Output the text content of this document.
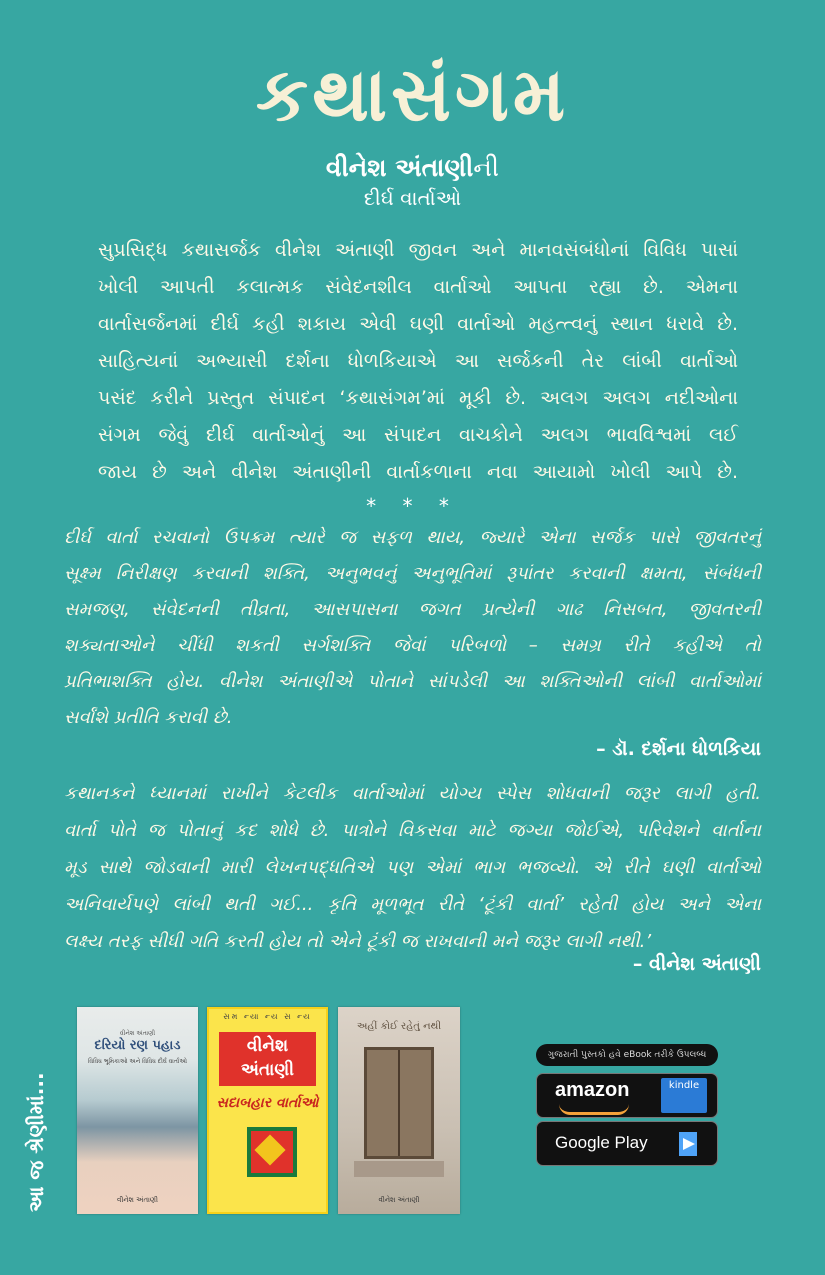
કથાસંગમ
વીનેશ અંતાણીની
દીર્ઘ વાર્તાઓ

સુપ્રસિદ્ધ કથાસર્જક વીનેશ અંતાણી જીવન અને માનવસંબંધોનાં વિવિધ પાસાં

ખોલી આપતી કલાત્મક સંવેદનશીલ વાર્તાઓ આપતા રહ્યા છે. એમના

વાર્તાસર્જનમાં દીર્ઘ કહી શકાય એવી ઘણી વાર્તાઓ મહત્ત્વનું સ્થાન ધરાવે છે.

સાહિત્યનાં અભ્યાસી દર્શના ધોળકિયાએ આ સર્જકની તેર લાંબી વાર્તાઓ

પસંદ કરીને પ્રસ્તુત સંપાદન ‘કથાસંગમ’માં મૂકી છે. અલગ અલગ નદીઓના

સંગમ જેવું દીર્ઘ વાર્તાઓનું આ સંપાદન વાચકોને અલગ ભાવવિશ્વમાં લઈ

જાય છે અને વીનેશ અંતાણીની વાર્તાકળાના નવા આયામો ખોલી આપે છે.

* * *
દીર્ઘ વાર્તા રચવાનો ઉપક્રમ ત્યારે જ સફળ થાય, જ્યારે એના સર્જક પાસે જીવતરનું
સૂક્ષ્મ નિરીક્ષણ કરવાની શક્તિ, અનુભવનું અનુભૂતિમાં રૂપાંતર કરવાની ક્ષમતા, સંબંધની
સમજણ, સંવેદનની તીવ્રતા, આસપાસના જગત પ્રત્યેની ગાઢ નિસબત, જીવતરની
શક્યતાઓને ચીંધી શકતી સર્ગશક્તિ જેવાં પરિબળો – સમગ્ર રીતે કહીએ તો
પ્રતિભાશક્તિ હોય. વીનેશ અંતાણીએ પોતાને સાંપડેલી આ શક્તિઓની લાંબી વાર્તાઓમાં
સર્વાંશે પ્રતીતિ કરાવી છે.
– ડૉ. દર્શના ધોળકિયા
કથાનકને ધ્યાનમાં રાખીને કેટલીક વાર્તાઓમાં યોગ્ય સ્પેસ શોધવાની જરૂર લાગી હતી.
વાર્તા પોતે જ પોતાનું કદ શોધે છે. પાત્રોને વિકસવા માટે જગ્યા જોઈએ, પરિવેશને વાર્તાના
મૂડ સાથે જોડવાની મારી લેખનપદ્ધતિએ પણ એમાં ભાગ ભજવ્યો. એ રીતે ઘણી વાર્તાઓ
અનિવાર્યપણે લાંબી થતી ગઈ... કૃતિ મૂળભૂત રીતે ‘ટૂંકી વાર્તા’ રહેતી હોય અને એના
લક્ષ્ય તરફ સીધી ગતિ કરતી હોય તો એને ટૂંકી જ રાખવાની મને જરૂર લાગી નથી.’
– વીનેશ અંતાણી
આ જ શ્રેણીમાં...
વીનેશ અંતાણી
દરિયો રણ પહાડ
વિવિધ ભૂમિકાઓ અને વિવિધ દીર્ઘ વાર્તાઓ
વીનેશ અંતાણી
સમ ન્યા ન્ય સ ન્ય
વીનેશ અંતાણી
સદાબહાર વાર્તાઓ
અહીં કોઈ રહેતું નથી
વીનેશ અંતાણી
ગુજરાતી પુસ્તકો હવે eBook તરીકે ઉપલબ્ધ
amazon	kindle
Google Play
